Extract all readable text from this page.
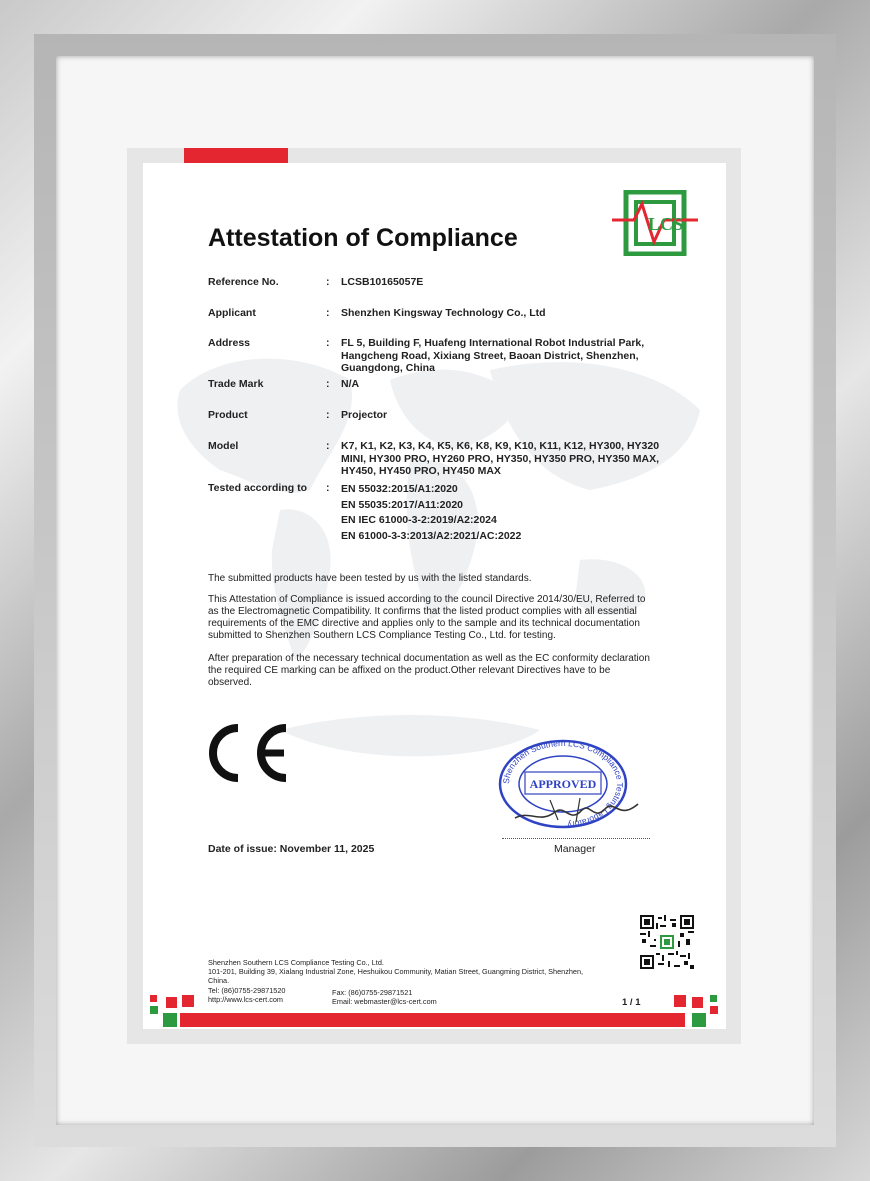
Attestation of Compliance	LCS
Reference No.	: LCSB10165057E
Applicant	: Shenzhen Kingsway Technology Co., Ltd
Address	: FL 5, Building F, Huafeng International Robot Industrial Park,
Hangcheng Road, Xixiang Street, Baoan District, Shenzhen,
Guangdong, China
Trade Mark	: N/A
Product	: Projector
Model	: K7, K1, K2, K3, K4, K5, K6, K8, K9, K10, K11, K12, HY300, HY320
MINI, HY300 PRO, HY260 PRO, HY350, HY350 PRO, HY350 MAX,
HY450, HY450 PRO, HY450 MAX
Tested according to	: EN 55032:2015/A1:2020
EN 55035:2017/A11:2020
EN IEC 61000-3-2:2019/A2:2024
EN 61000-3-3:2013/A2:2021/AC:2022
The submitted products have been tested by us with the listed standards.
This Attestation of Compliance is issued according to the council Directive 2014/30/EU, Referred to
as the Electromagnetic Compatibility. It confirms that the listed product complies with all essential
requirements of the EMC directive and applies only to the sample and its technical documentation
submitted to Shenzhen Southern LCS Compliance Testing Co., Ltd. for testing.
After preparation of the necessary technical documentation as well as the EC conformity declaration
the required CE marking can be affixed on the product.Other relevant Directives have to be
observed.
Shenzhen Southern LCS Compliance Testing Laboratory
APPROVED
Manager
Date of issue: November 11, 2025
Shenzhen Southern LCS Compliance Testing Co., Ltd.
101-201, Building 39, Xialang Industrial Zone, Heshuikou Community, Matian Street, Guangming District, Shenzhen,
China.
Tel: (86)0755-29871520
http://www.lcs-cert.com
Fax: (86)0755-29871521
Email: webmaster@lcs-cert.com	1 / 1
